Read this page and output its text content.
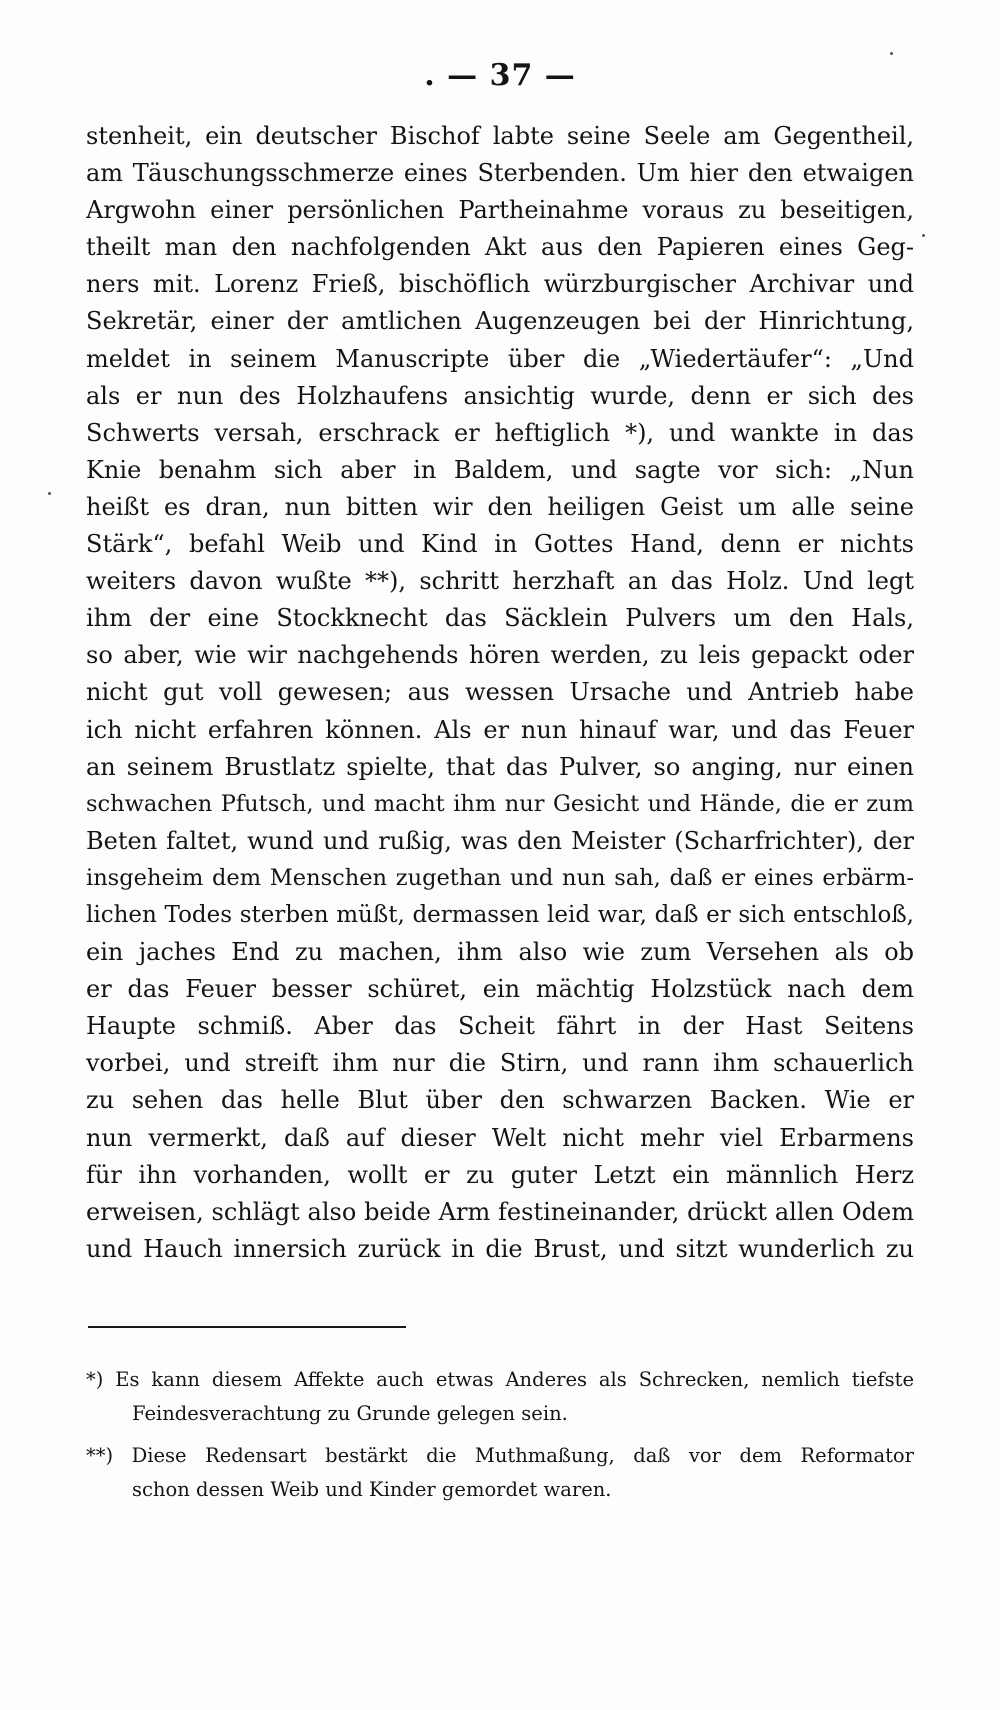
. — 37 —
stenheit, ein deutscher Bischof labte seine Seele am Gegentheil,
am Täuschungsschmerze eines Sterbenden. Um hier den etwaigen
Argwohn einer persönlichen Partheinahme voraus zu beseitigen,
theilt man den nachfolgenden Akt aus den Papieren eines Geg-
ners mit. Lorenz Frieß, bischöflich würzburgischer Archivar und
Sekretär, einer der amtlichen Augenzeugen bei der Hinrichtung,
meldet in seinem Manuscripte über die „Wiedertäufer“: „Und
als er nun des Holzhaufens ansichtig wurde, denn er sich des
Schwerts versah, erschrack er heftiglich *), und wankte in das
Knie benahm sich aber in Baldem, und sagte vor sich: „Nun
heißt es dran, nun bitten wir den heiligen Geist um alle seine
Stärk“, befahl Weib und Kind in Gottes Hand, denn er nichts
weiters davon wußte **), schritt herzhaft an das Holz. Und legt
ihm der eine Stockknecht das Säcklein Pulvers um den Hals,
so aber, wie wir nachgehends hören werden, zu leis gepackt oder
nicht gut voll gewesen; aus wessen Ursache und Antrieb habe
ich nicht erfahren können. Als er nun hinauf war, und das Feuer
an seinem Brustlatz spielte, that das Pulver, so anging, nur einen
schwachen Pfutsch, und macht ihm nur Gesicht und Hände, die er zum
Beten faltet, wund und rußig, was den Meister (Scharfrichter), der
insgeheim dem Menschen zugethan und nun sah, daß er eines erbärm-
lichen Todes sterben müßt, dermassen leid war, daß er sich entschloß,
ein jaches End zu machen, ihm also wie zum Versehen als ob
er das Feuer besser schüret, ein mächtig Holzstück nach dem
Haupte schmiß. Aber das Scheit fährt in der Hast Seitens
vorbei, und streift ihm nur die Stirn, und rann ihm schauerlich
zu sehen das helle Blut über den schwarzen Backen. Wie er
nun vermerkt, daß auf dieser Welt nicht mehr viel Erbarmens
für ihn vorhanden, wollt er zu guter Letzt ein männlich Herz
erweisen, schlägt also beide Arm festineinander, drückt allen Odem
und Hauch innersich zurück in die Brust, und sitzt wunderlich zu
*) Es kann diesem Affekte auch etwas Anderes als Schrecken, nemlich tiefste
Feindesverachtung zu Grunde gelegen sein.
**) Diese Redensart bestärkt die Muthmaßung, daß vor dem Reformator
schon dessen Weib und Kinder gemordet waren.
